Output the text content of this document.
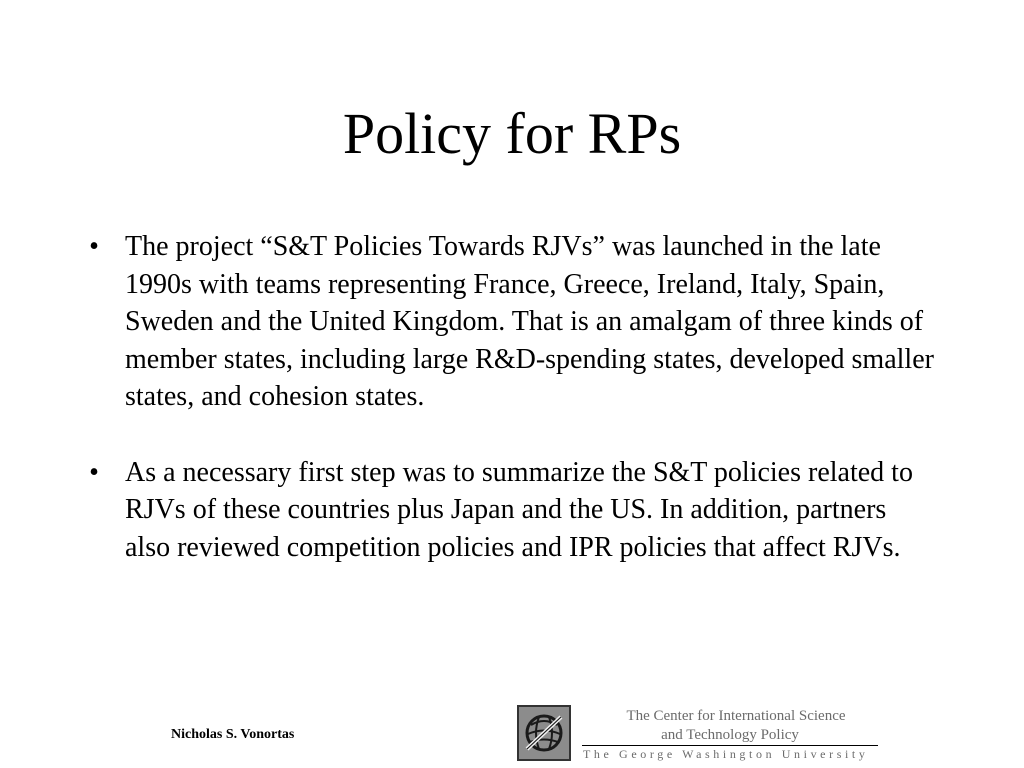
Policy for RPs
• The project “S&T Policies Towards RJVs” was launched in the late 1990s with teams representing France, Greece, Ireland, Italy, Spain, Sweden and the United Kingdom. That is an amalgam of three kinds of member states, including large R&D-spending states, developed smaller states, and cohesion states.
• As a necessary first step was to summarize the S&T policies related to RJVs of these countries plus Japan and the US. In addition, partners also reviewed competition policies and IPR policies that affect RJVs.
Nicholas S. Vonortas
The Center for International Science
and Technology Policy
The George Washington University
